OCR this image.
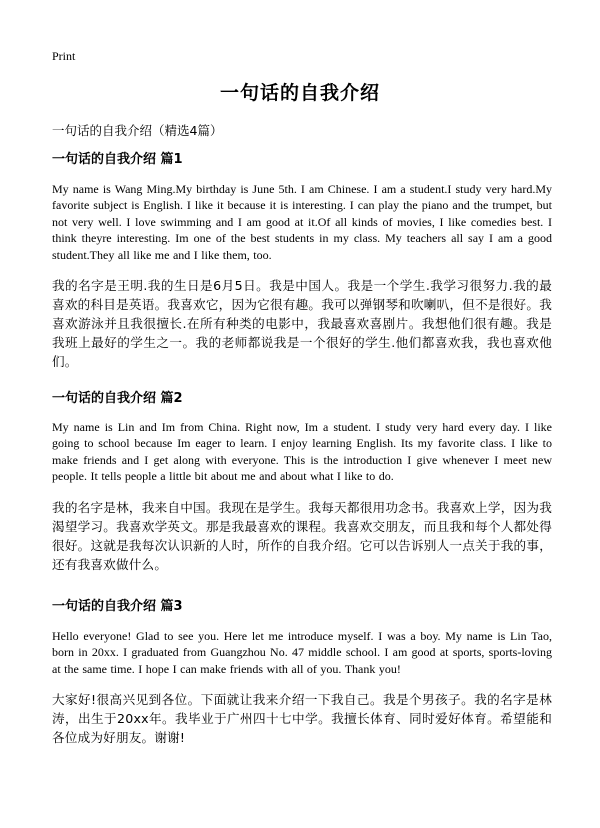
Print
一句话的自我介绍
一句话的自我介绍（精选4篇）
一句话的自我介绍 篇1

My name is Wang Ming.My birthday is June 5th. I am Chinese. I am a student.I study very hard.My favorite subject is English. I like it because it is interesting. I can play the piano and the trumpet, but not very well. I love swimming and I am good at it.Of all kinds of movies, I like comedies best. I think theyre interesting. Im one of the best students in my class. My teachers all say I am a good student.They all like me and I like them, too.

我的名字是王明.我的生日是6月5日。我是中国人。我是一个学生.我学习很努力.我的最喜欢的科目是英语。我喜欢它，因为它很有趣。我可以弹钢琴和吹喇叭，但不是很好。我喜欢游泳并且我很擅长.在所有种类的电影中，我最喜欢喜剧片。我想他们很有趣。我是我班上最好的学生之一。我的老师都说我是一个很好的学生.他们都喜欢我，我也喜欢他们。

一句话的自我介绍 篇2

My name is Lin and Im from China. Right now, Im a student. I study very hard every day. I like going to school because Im eager to learn. I enjoy learning English. Its my favorite class. I like to make friends and I get along with everyone. This is the introduction I give whenever I meet new people. It tells people a little bit about me and about what I like to do.

我的名字是林，我来自中国。我现在是学生。我每天都很用功念书。我喜欢上学，因为我渴望学习。我喜欢学英文。那是我最喜欢的课程。我喜欢交朋友，而且我和每个人都处得很好。这就是我每次认识新的人时，所作的自我介绍。它可以告诉别人一点关于我的事，还有我喜欢做什么。

一句话的自我介绍 篇3

Hello everyone! Glad to see you. Here let me introduce myself. I was a boy. My name is Lin Tao, born in 20xx. I graduated from Guangzhou No. 47 middle school. I am good at sports, sports-loving at the same time. I hope I can make friends with all of you. Thank you!

大家好!很高兴见到各位。下面就让我来介绍一下我自己。我是个男孩子。我的名字是林涛，出生于20xx年。我毕业于广州四十七中学。我擅长体育、同时爱好体育。希望能和各位成为好朋友。谢谢!
